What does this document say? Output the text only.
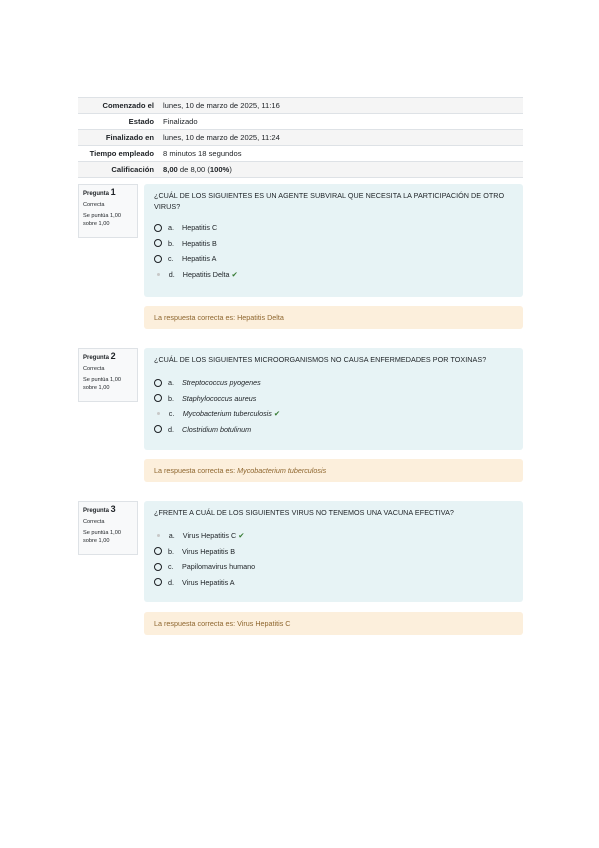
Comenzado el	lunes, 10 de marzo de 2025, 11:16
Estado	Finalizado
Finalizado en	lunes, 10 de marzo de 2025, 11:24
Tiempo empleado	8 minutos 18 segundos
Calificación	8,00 de 8,00 (100%)
Pregunta 1
Correcta
Se puntúa 1,00 sobre 1,00
¿CUÁL DE LOS SIGUIENTES ES UN AGENTE SUBVIRAL QUE NECESITA LA PARTICIPACIÓN DE OTRO VIRUS?
a.	Hepatitis C
b.	Hepatitis B
c.	Hepatitis A
d.	Hepatitis Delta ✔
La respuesta correcta es: Hepatitis Delta
Pregunta 2
Correcta
Se puntúa 1,00 sobre 1,00
¿CUÁL DE LOS SIGUIENTES MICROORGANISMOS NO CAUSA ENFERMEDADES POR TOXINAS?
a.	Streptococcus pyogenes
b.	Staphylococcus aureus
c.	Mycobacterium tuberculosis ✔
d.	Clostridium botulinum
La respuesta correcta es: Mycobacterium tuberculosis
Pregunta 3
Correcta
Se puntúa 1,00 sobre 1,00
¿FRENTE A CUÁL DE LOS SIGUIENTES VIRUS NO TENEMOS UNA VACUNA EFECTIVA?
a.	Virus Hepatitis C ✔
b.	Virus Hepatitis B
c.	Papilomavirus humano
d.	Virus Hepatitis A
La respuesta correcta es: Virus Hepatitis C
